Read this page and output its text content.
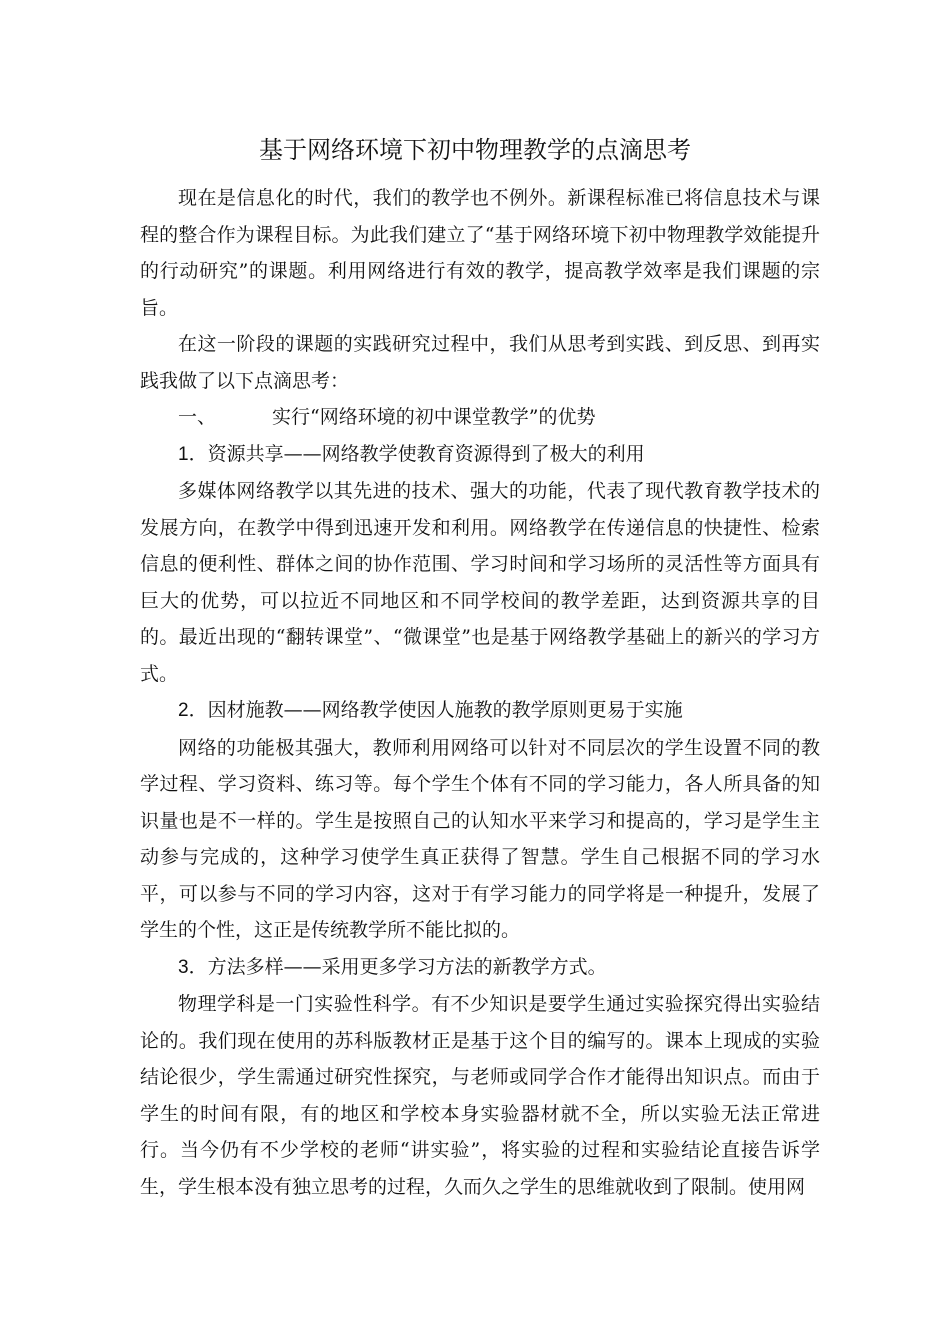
基于网络环境下初中物理教学的点滴思考

现在是信息化的时代，我们的教学也不例外。新课程标准已将信息技术与课程的整合作为课程目标。为此我们建立了“基于网络环境下初中物理教学效能提升的行动研究”的课题。利用网络进行有效的教学，提高教学效率是我们课题的宗旨。

在这一阶段的课题的实践研究过程中，我们从思考到实践、到反思、到再实践我做了以下点滴思考：

一、	实行“网络环境的初中课堂教学”的优势

1．资源共享——网络教学使教育资源得到了极大的利用

多媒体网络教学以其先进的技术、强大的功能，代表了现代教育教学技术的发展方向，在教学中得到迅速开发和利用。网络教学在传递信息的快捷性、检索信息的便利性、群体之间的协作范围、学习时间和学习场所的灵活性等方面具有巨大的优势，可以拉近不同地区和不同学校间的教学差距，达到资源共享的目的。最近出现的“翻转课堂”、“微课堂”也是基于网络教学基础上的新兴的学习方式。

2．因材施教——网络教学使因人施教的教学原则更易于实施

网络的功能极其强大，教师利用网络可以针对不同层次的学生设置不同的教学过程、学习资料、练习等。每个学生个体有不同的学习能力，各人所具备的知识量也是不一样的。学生是按照自己的认知水平来学习和提高的，学习是学生主动参与完成的，这种学习使学生真正获得了智慧。学生自己根据不同的学习水平，可以参与不同的学习内容，这对于有学习能力的同学将是一种提升，发展了学生的个性，这正是传统教学所不能比拟的。

3．方法多样——采用更多学习方法的新教学方式。

物理学科是一门实验性科学。有不少知识是要学生通过实验探究得出实验结论的。我们现在使用的苏科版教材正是基于这个目的编写的。课本上现成的实验结论很少，学生需通过研究性探究，与老师或同学合作才能得出知识点。而由于学生的时间有限，有的地区和学校本身实验器材就不全，所以实验无法正常进行。当今仍有不少学校的老师“讲实验”，将实验的过程和实验结论直接告诉学生，学生根本没有独立思考的过程，久而久之学生的思维就收到了限制。使用网
